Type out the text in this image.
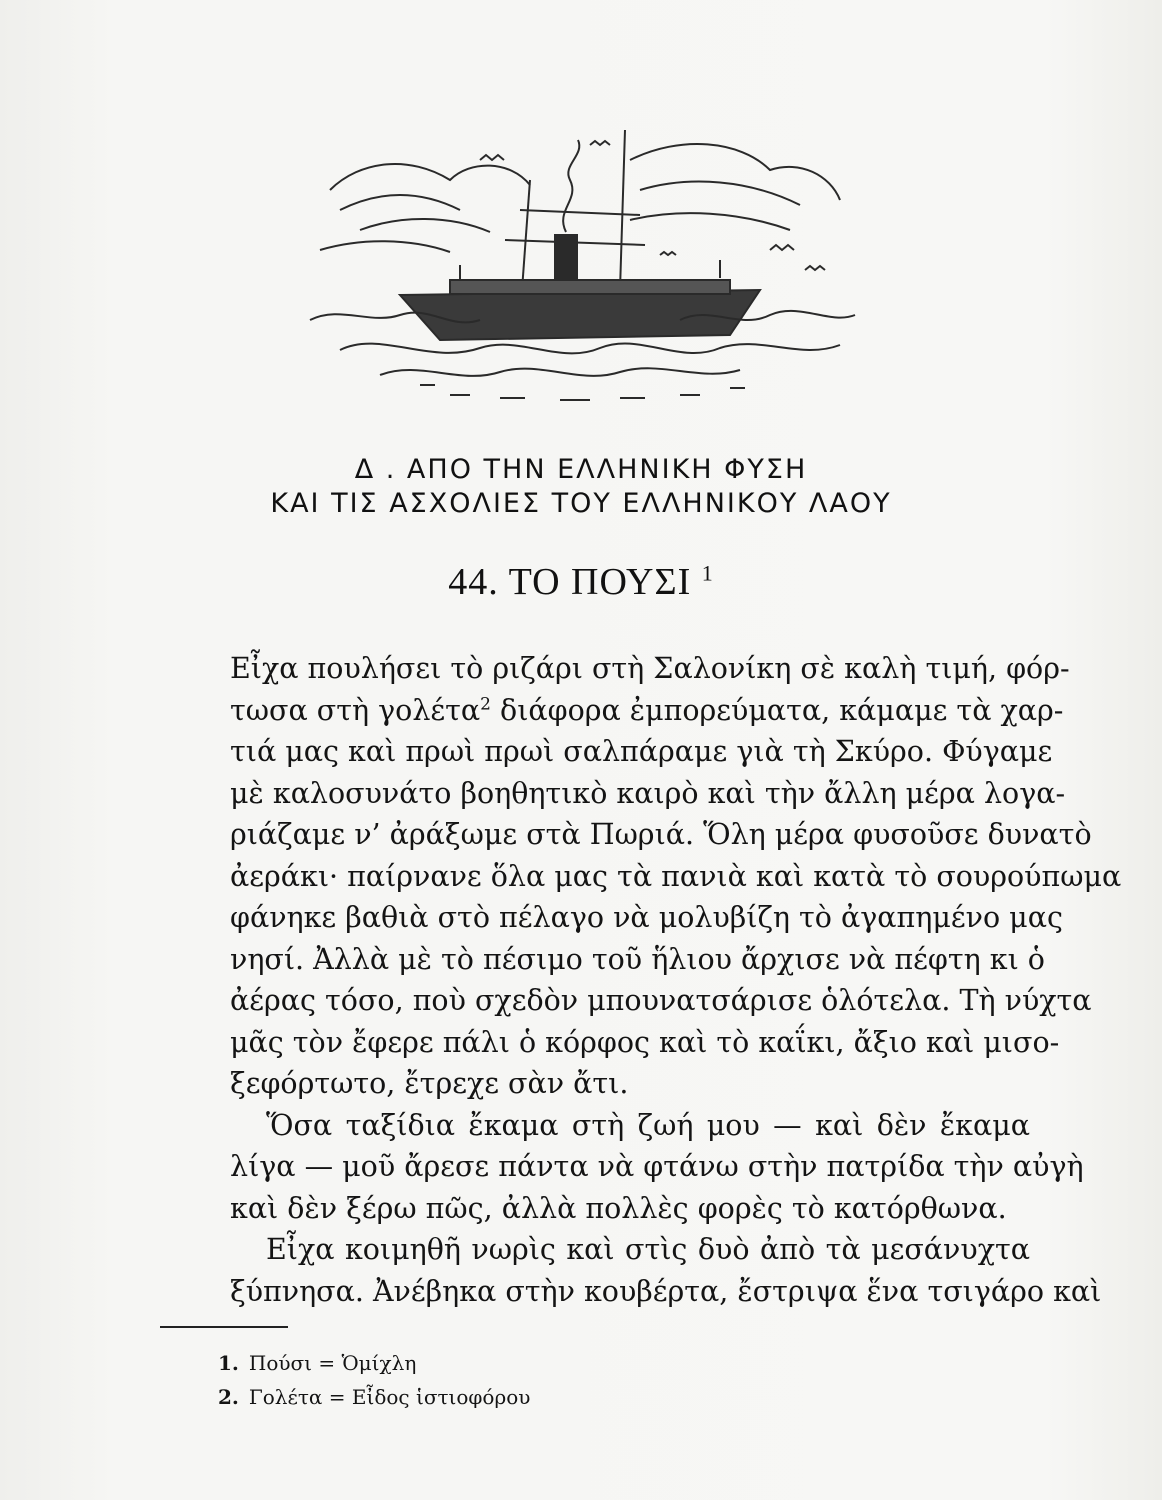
Δ . ΑΠΟ ΤΗΝ ΕΛΛΗΝΙΚΗ ΦΥΣΗ
ΚΑΙ ΤΙΣ ΑΣΧΟΛΙΕΣ ΤΟΥ ΕΛΛΗΝΙΚΟΥ ΛΑΟΥ
44. ΤΟ ΠΟΥΣΙ $^1$
Εἶχα πουλήσει τὸ ριζάρι στὴ Σαλονίκη σὲ καλὴ τιμή, φόρ-
τωσα στὴ γολέτα$^2$ διάφορα ἐμπορεύματα, κάμαμε τὰ χαρ-
τιά μας καὶ πρωὶ πρωὶ σαλπάραμε γιὰ τὴ Σκύρο. Φύγαμε
μὲ καλοσυνάτο βοηθητικὸ καιρὸ καὶ τὴν ἄλλη μέρα λογα-
ριάζαμε ν’ ἀράξωμε στὰ Πωριά. Ὅλη μέρα φυσοῦσε δυνατὸ
ἀεράκι· παίρνανε ὅλα μας τὰ πανιὰ καὶ κατὰ τὸ σουρούπωμα
φάνηκε βαθιὰ στὸ πέλαγο νὰ μολυβίζη τὸ ἀγαπημένο μας
νησί. Ἀλλὰ μὲ τὸ πέσιμο τοῦ ἥλιου ἄρχισε νὰ πέφτη κι ὁ
ἀέρας τόσο, ποὺ σχεδὸν μπουνατσάρισε ὁλότελα. Τὴ νύχτα
μᾶς τὸν ἔφερε πάλι ὁ κόρφος καὶ τὸ καΐκι, ἄξιο καὶ μισο-
ξεφόρτωτο, ἔτρεχε σὰν ἄτι.
Ὅσα ταξίδια ἔκαμα στὴ ζωή μου — καὶ δὲν ἔκαμα
λίγα — μοῦ ἄρεσε πάντα νὰ φτάνω στὴν πατρίδα τὴν αὐγὴ
καὶ δὲν ξέρω πῶς, ἀλλὰ πολλὲς φορὲς τὸ κατόρθωνα.
Εἶχα κοιμηθῆ νωρὶς καὶ στὶς δυὸ ἀπὸ τὰ μεσάνυχτα
ξύπνησα. Ἀνέβηκα στὴν κουβέρτα, ἔστριψα ἕνα τσιγάρο καὶ
1. Πούσι = Ὁμίχλη
2. Γολέτα = Εἶδος ἱστιοφόρου
